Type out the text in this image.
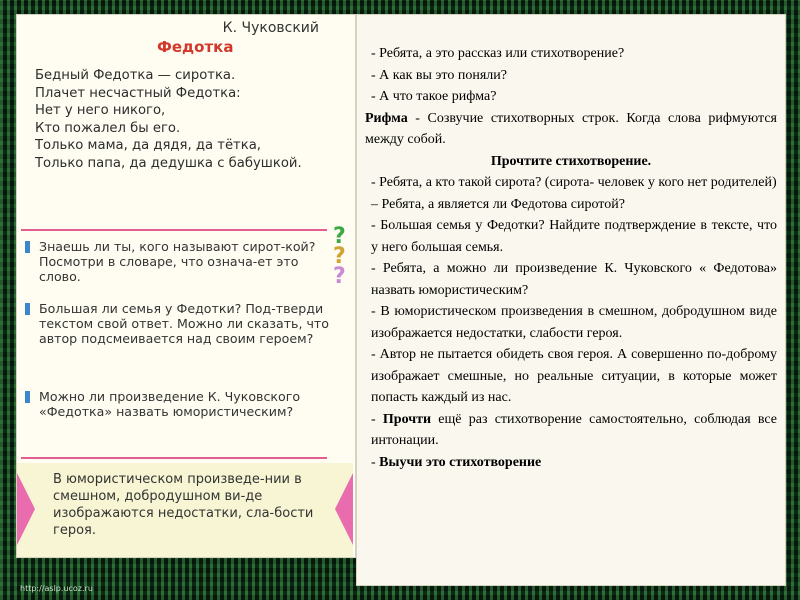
К. Чуковский
Федотка
Бедный Федотка — сиротка.
Плачет несчастный Федотка:
Нет у него никого,
Кто пожалел бы его.
Только мама, да дядя, да тётка,
Только папа, да дедушка с бабушкой.
Знаешь ли ты, кого называют сирот-кой? Посмотри в словаре, что означа-ет это слово.
Большая ли семья у Федотки? Под-тверди текстом свой ответ. Можно ли сказать, что автор подсмеивается над своим героем?
Можно ли произведение К. Чуковского «Федотка» назвать юмористическим?
?
?
?
В юмористическом произведе-нии в смешном, добродушном ви-де изображаются недостатки, сла-бости героя.
http://aslp.ucoz.ru

- Ребята, а это рассказ или стихотворение?

- А как вы это поняли?

- А что такое рифма?

Рифма - Созвучие стихотворных строк. Когда слова рифмуются между собой.

Прочтите стихотворение.

- Ребята, а кто такой сирота? (сирота- человек у кого нет родителей)

– Ребята, а является ли Федотова сиротой?

- Большая семья у Федотки? Найдите подтверждение в тексте, что у него большая семья.

- Ребята, а можно ли произведение К. Чуковского « Федотова» назвать юмористическим?

- В юмористическом произведения в смешном, добродушном виде изображается недостатки, слабости героя.

- Автор не пытается обидеть своя героя. А совершенно по-доброму изображает смешные, но реальные ситуации, в которые может попасть каждый из нас.

- Прочти ещё раз стихотворение самостоятельно, соблюдая все интонации.

- Выучи это стихотворение
